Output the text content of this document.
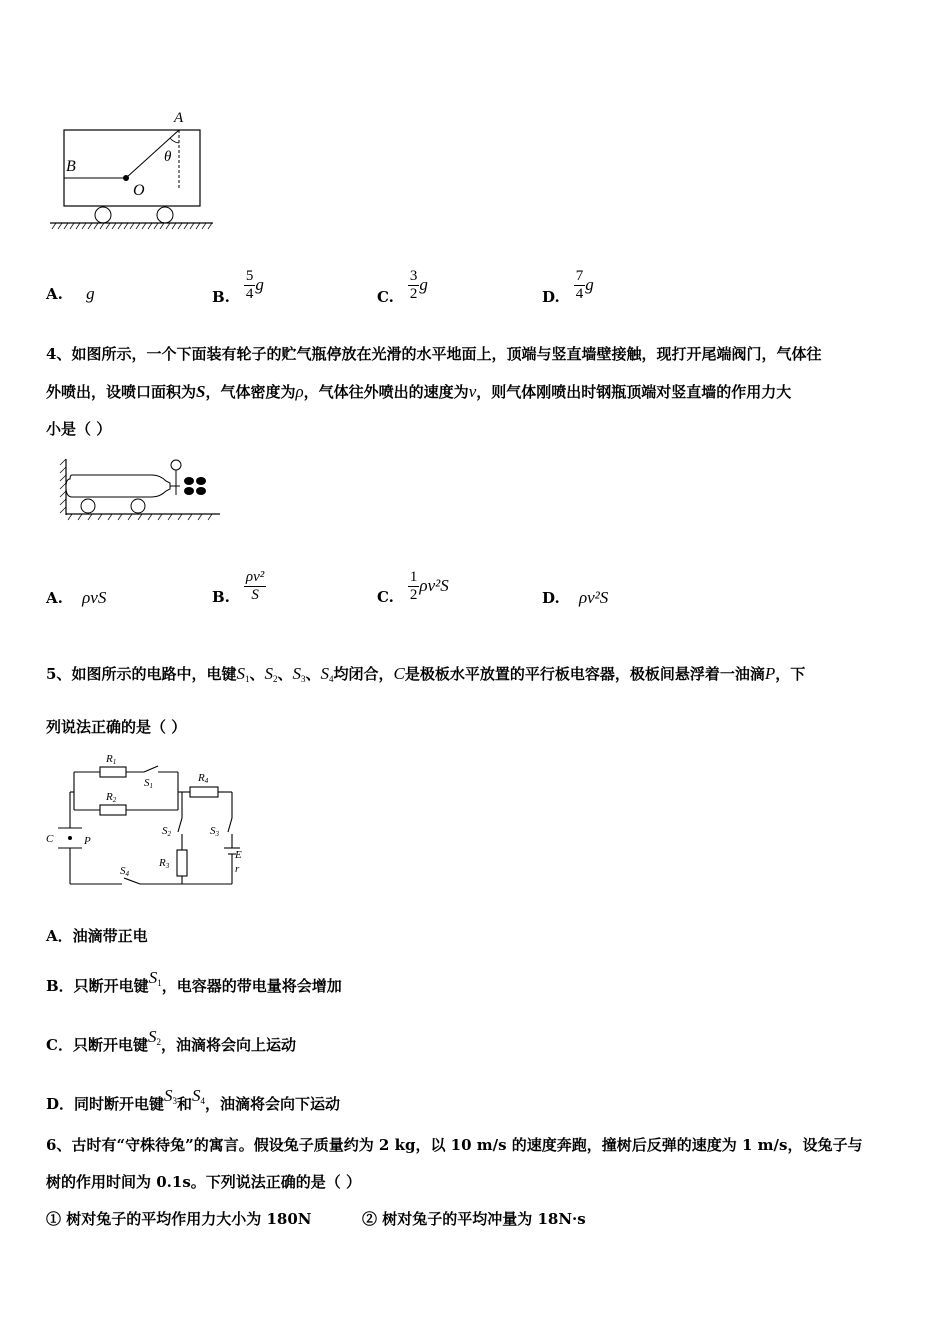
A
B
O
θ
A. g	B. $\frac{5}{4}$ g
C. $\frac{3}{2}$ g
D. $\frac{7}{4}$ g
4、如图所示，一个下面装有轮子的贮气瓶停放在光滑的水平地面上，顶端与竖直墙壁接触，现打开尾端阀门，气体往
外喷出，设喷口面积为S，气体密度为ρ，气体往外喷出的速度为v，则气体刚喷出时钢瓶顶端对竖直墙的作用力大
小是（ ）
A. ρvS	B. $\frac{\text{ρv²}}{S}$	C. $\frac{1}{2} \rho v^2S$
D. ρv²S
5、如图所示的电路中，电键$S_1$、$S_2$、$S_3$、$S_4$均闭合，C是极板水平放置的平行板电容器，极板间悬浮着一油滴P，下
列说法正确的是（ ）
R1
S1
R2
R4
S2	S3
R3
E
r
S4
C	P
A．油滴带正电
B．只断开电键$S_1$，电容器的带电量将会增加
C．只断开电键$S_2$，油滴将会向上运动
D．同时断开电键$S_3$和$S_4$，油滴将会向下运动
6、古时有“守株待兔”的寓言。假设兔子质量约为 2 kg，以 10 m/s 的速度奔跑，撞树后反弹的速度为 1 m/s，设兔子与
树的作用时间为 0.1s。下列说法正确的是（ ）
① 树对兔子的平均作用力大小为 180N	② 树对兔子的平均冲量为 18N·s
